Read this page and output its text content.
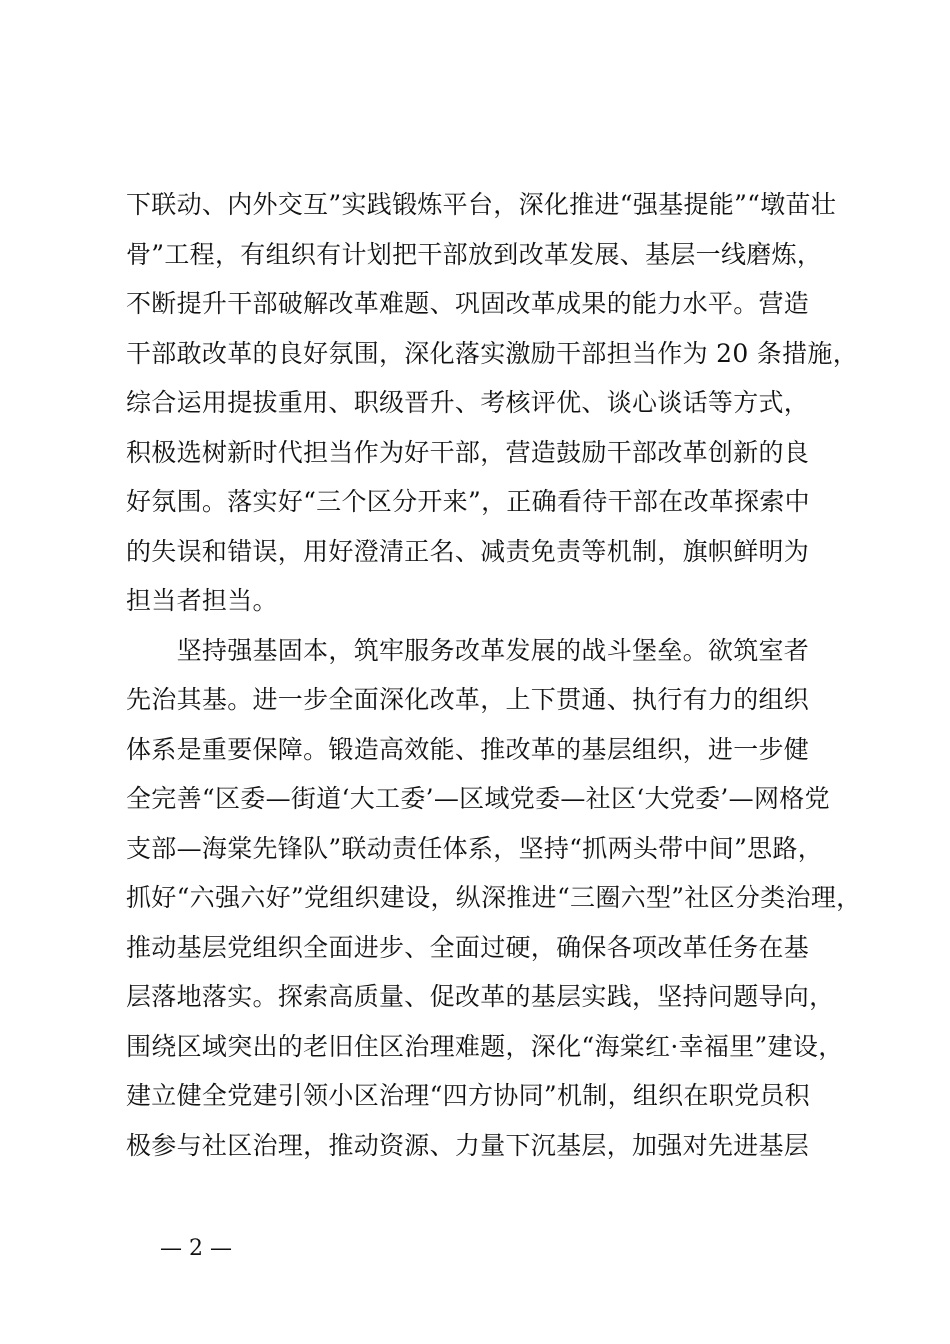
下联动、内外交互”实践锻炼平台，深化推进“强基提能”“墩苗壮
骨”工程，有组织有计划把干部放到改革发展、基层一线磨炼，
不断提升干部破解改革难题、巩固改革成果的能力水平。营造
干部敢改革的良好氛围，深化落实激励干部担当作为 20 条措施，
综合运用提拔重用、职级晋升、考核评优、谈心谈话等方式，
积极选树新时代担当作为好干部，营造鼓励干部改革创新的良
好氛围。落实好“三个区分开来”，正确看待干部在改革探索中
的失误和错误，用好澄清正名、减责免责等机制，旗帜鲜明为
担当者担当。
　　坚持强基固本，筑牢服务改革发展的战斗堡垒。欲筑室者
先治其基。进一步全面深化改革，上下贯通、执行有力的组织
体系是重要保障。锻造高效能、推改革的基层组织，进一步健
全完善“区委—街道‘大工委’—区域党委—社区‘大党委’—网格党
支部—海棠先锋队”联动责任体系，坚持“抓两头带中间”思路，
抓好“六强六好”党组织建设，纵深推进“三圈六型”社区分类治理，
推动基层党组织全面进步、全面过硬，确保各项改革任务在基
层落地落实。探索高质量、促改革的基层实践，坚持问题导向，
围绕区域突出的老旧住区治理难题，深化“海棠红·幸福里”建设，
建立健全党建引领小区治理“四方协同”机制，组织在职党员积
极参与社区治理，推动资源、力量下沉基层，加强对先进基层
— 2 —
